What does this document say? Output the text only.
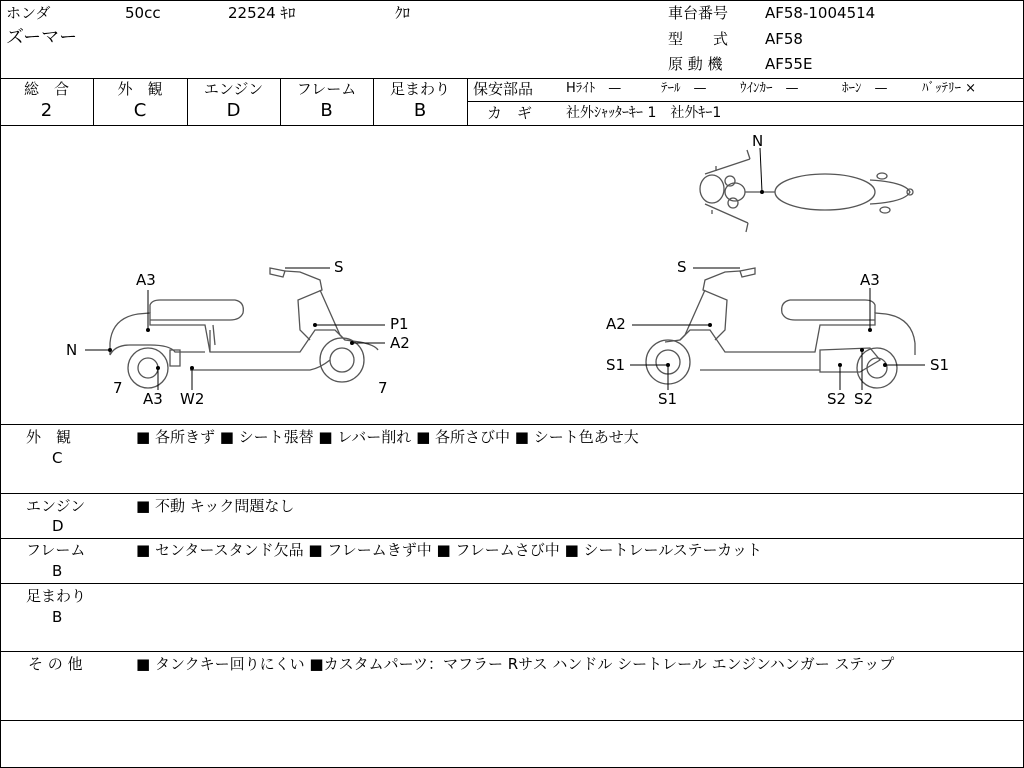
ホンダ	50cc	22524 ｷﾛ	ｸﾛ
ズーマー
車台番号 AF58-1004514
型　　式 AF58
原 動 機	AF55E
総　合
2
外　観
C
エンジン
D
フレーム
B
足まわり
B
保安部品	Hﾗｲﾄ　—	ﾃｰﾙ　—	ｳｲﾝｶｰ　—	ﾎｰﾝ　—	ﾊﾞｯﾃﾘｰ ×
カ　ギ 社外ｼｬｯﾀｰｷｰ 1　社外ｷｰ1
N
S
A3
P1
N	A2
7	7
A3 W2
S
A3
A2
S1	S1
S1	S2 S2
外　観
C
■ 各所きず ■ シート張替 ■ レバー削れ ■ 各所さび中 ■ シート色あせ大
エンジン
D
■ 不動 キック問題なし
フレーム
B
■ センタースタンド欠品 ■ フレームきず中 ■ フレームさび中 ■ シートレールステーカット
足まわり
B
そ の 他	■ タンクキー回りにくい ■カスタムパーツ：マフラー Rサス ハンドル シートレール エンジンハンガー ステップ
